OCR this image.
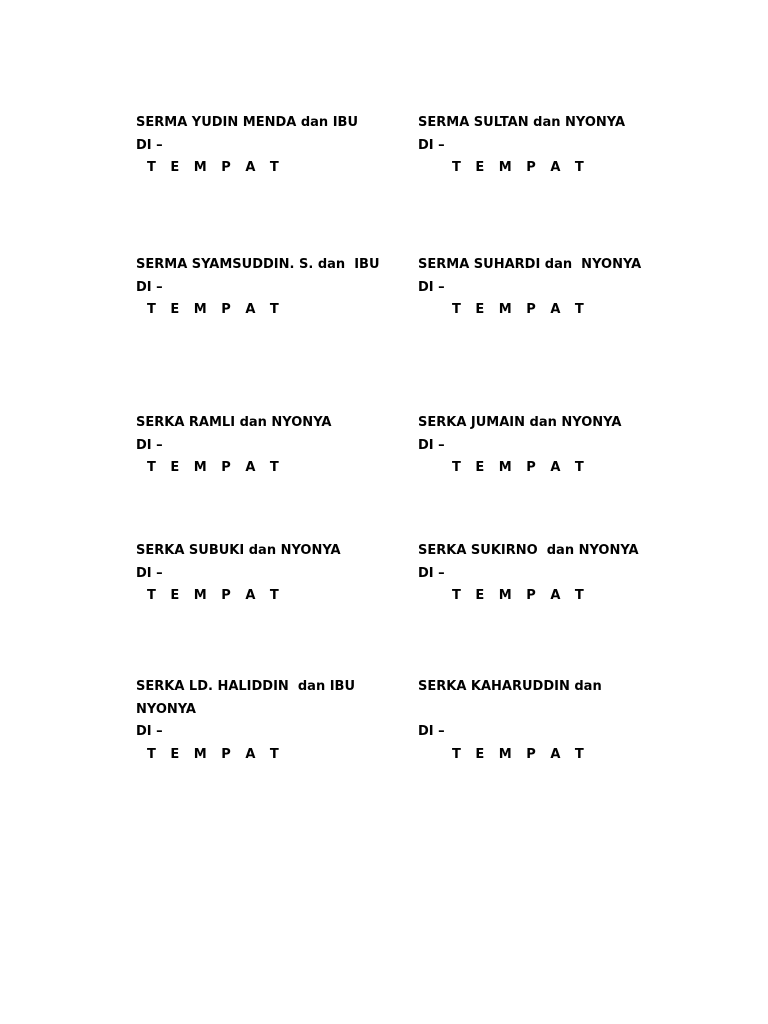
SERMA YUDIN MENDA dan IBU
DI –
T E M P A T
SERMA SULTAN dan NYONYA
DI –
T E M P A T
SERMA SYAMSUDDIN. S. dan  IBU
DI –
T E M P A T
SERMA SUHARDI dan  NYONYA
DI –
T E M P A T
SERKA RAMLI dan NYONYA
DI –
T E M P A T
SERKA JUMAIN dan NYONYA
DI –
T E M P A T
SERKA SUBUKI dan NYONYA
DI –
T E M P A T
SERKA SUKIRNO  dan NYONYA
DI –
T E M P A T
SERKA LD. HALIDDIN  dan IBU
NYONYA
DI –
T E M P A T
SERKA KAHARUDDIN dan
DI –
T E M P A T
